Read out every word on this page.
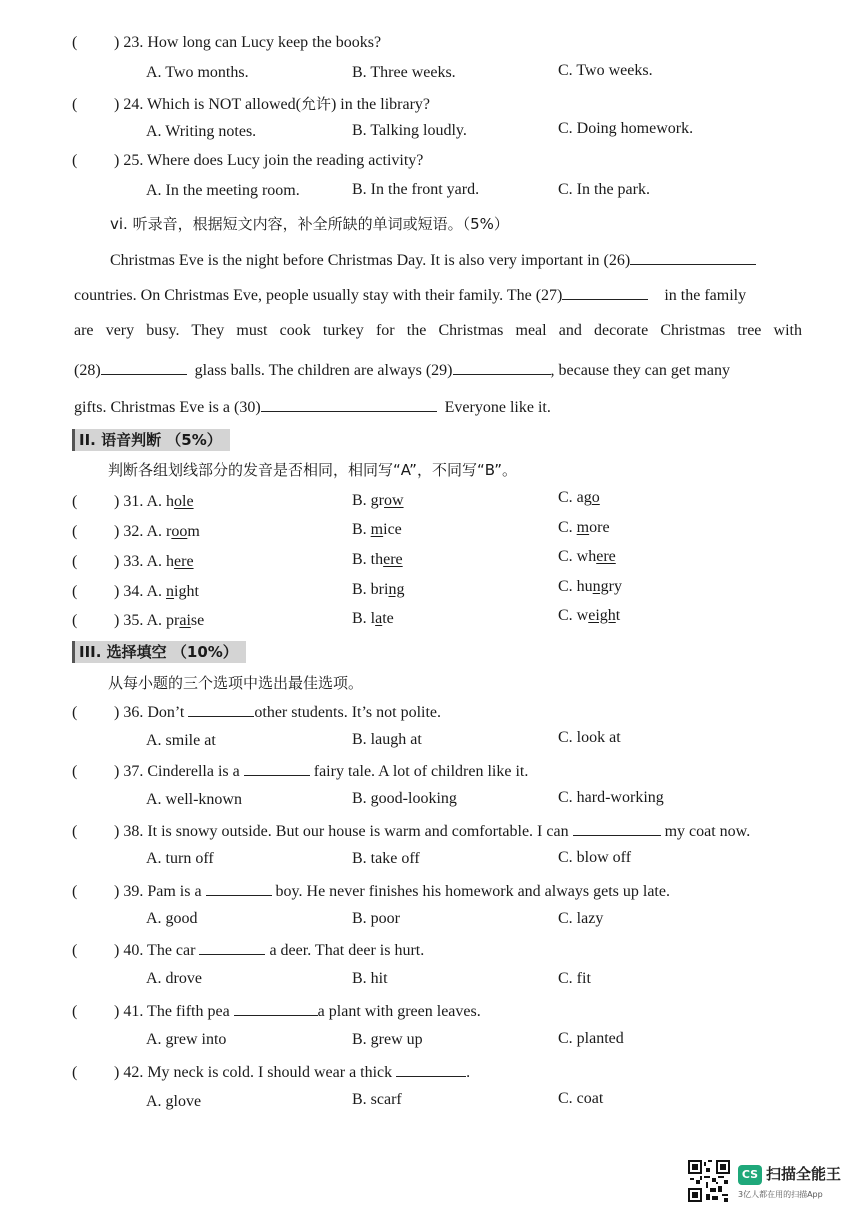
( ) 23. How long can Lucy keep the books?
A. Two months.	B. Three weeks.	C. Two weeks.
( ) 24. Which is NOT allowed(允许) in the library?
A. Writing notes.	B. Talking loudly.	C. Doing homework.
( ) 25. Where does Lucy join the reading activity?
A. In the meeting room.	B. In the front yard.	C. In the park.
vi. 听录音，根据短文内容，补全所缺的单词或短语。（5%）
Christmas Eve is the night before Christmas Day. It is also very important in (26)
countries. On Christmas Eve, people usually stay with their family. The (27)	in the family
are very busy. They must cook turkey for the Christmas meal and decorate Christmas tree with
(28)	glass balls. The children are always (29)	, because they can get many
gifts. Christmas Eve is a (30)	Everyone like it.
II. 语音判断 （5%）
判断各组划线部分的发音是否相同，相同写“A”，不同写“B”。
( ) 31. A. hole	B. grow	C. ago
( ) 32. A. room	B. mice	C. more
( ) 33. A. here	B. there	C. where
( ) 34. A. night	B. bring	C. hungry
( ) 35. A. praise	B. late	C. weight
III. 选择填空 （10%）
从每小题的三个选项中选出最佳选项。
( ) 36. Don’t	other students. It’s not polite.
A. smile at	B. laugh at	C. look at
( ) 37. Cinderella is a	fairy tale. A lot of children like it.
A. well-known	B. good-looking	C. hard-working
( ) 38. It is snowy outside. But our house is warm and comfortable. I can	my coat now.
A. turn off	B. take off	C. blow off
( ) 39. Pam is a	boy. He never finishes his homework and always gets up late.
A. good	B. poor	C. lazy
( ) 40. The car	a deer. That deer is hurt.
A. drove	B. hit	C. fit
( ) 41. The fifth pea	a plant with green leaves.
A. grew into	B. grew up	C. planted
( ) 42. My neck is cold. I should wear a thick	.
A. glove	B. scarf	C. coat
CS 扫描全能王
3亿人都在用的扫描App
